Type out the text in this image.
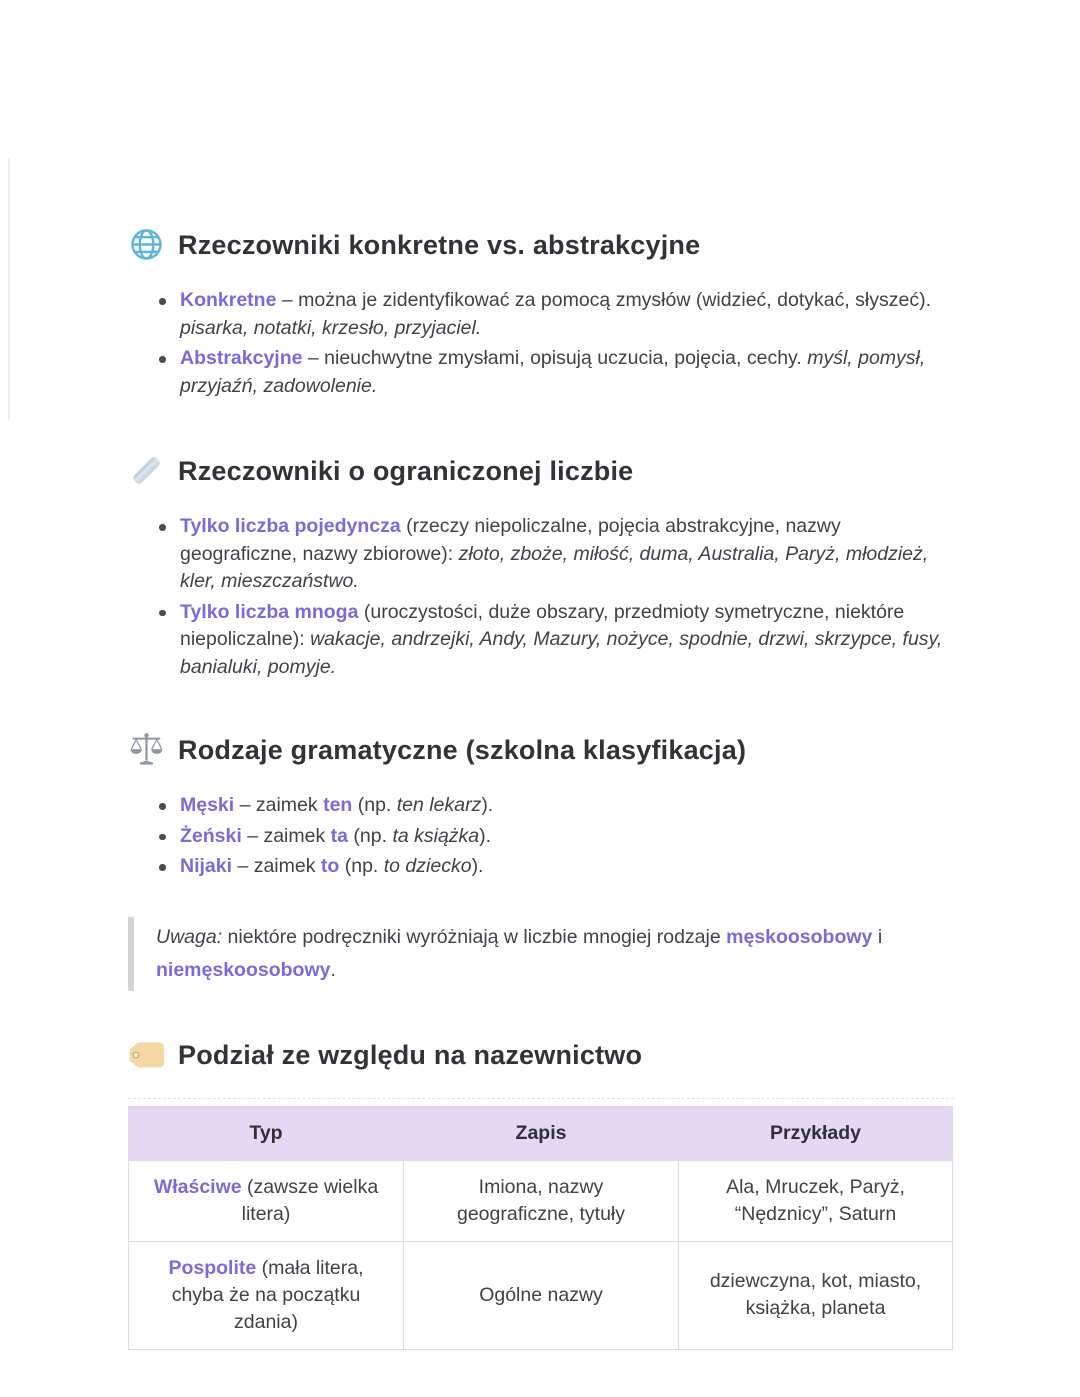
Rzeczowniki konkretne vs. abstrakcyjne
Konkretne – można je zidentyfikować za pomocą zmysłów (widzieć, dotykać, słyszeć). pisarka, notatki, krzesło, przyjaciel.
Abstrakcyjne – nieuchwytne zmysłami, opisują uczucia, pojęcia, cechy. myśl, pomysł, przyjaźń, zadowolenie.
Rzeczowniki o ograniczonej liczbie
Tylko liczba pojedyncza (rzeczy niepoliczalne, pojęcia abstrakcyjne, nazwy geograficzne, nazwy zbiorowe): złoto, zboże, miłość, duma, Australia, Paryż, młodzież, kler, mieszczaństwo.
Tylko liczba mnoga (uroczystości, duże obszary, przedmioty symetryczne, niektóre niepoliczalne): wakacje, andrzejki, Andy, Mazury, nożyce, spodnie, drzwi, skrzypce, fusy, banialuki, pomyje.
Rodzaje gramatyczne (szkolna klasyfikacja)
Męski – zaimek ten (np. ten lekarz).
Żeński – zaimek ta (np. ta książka).
Nijaki – zaimek to (np. to dziecko).
Uwaga: niektóre podręczniki wyróżniają w liczbie mnogiej rodzaje męskoosobowy i niemęskoosobowy.
Podział ze względu na nazewnictwo
Typ	Zapis	Przykłady
Właściwe (zawsze wielka litera)	Imiona, nazwy geograficzne, tytuły	Ala, Mruczek, Paryż, “Nędznicy”, Saturn
Pospolite (mała litera, chyba że na początku zdania)	Ogólne nazwy	dziewczyna, kot, miasto, książka, planeta
